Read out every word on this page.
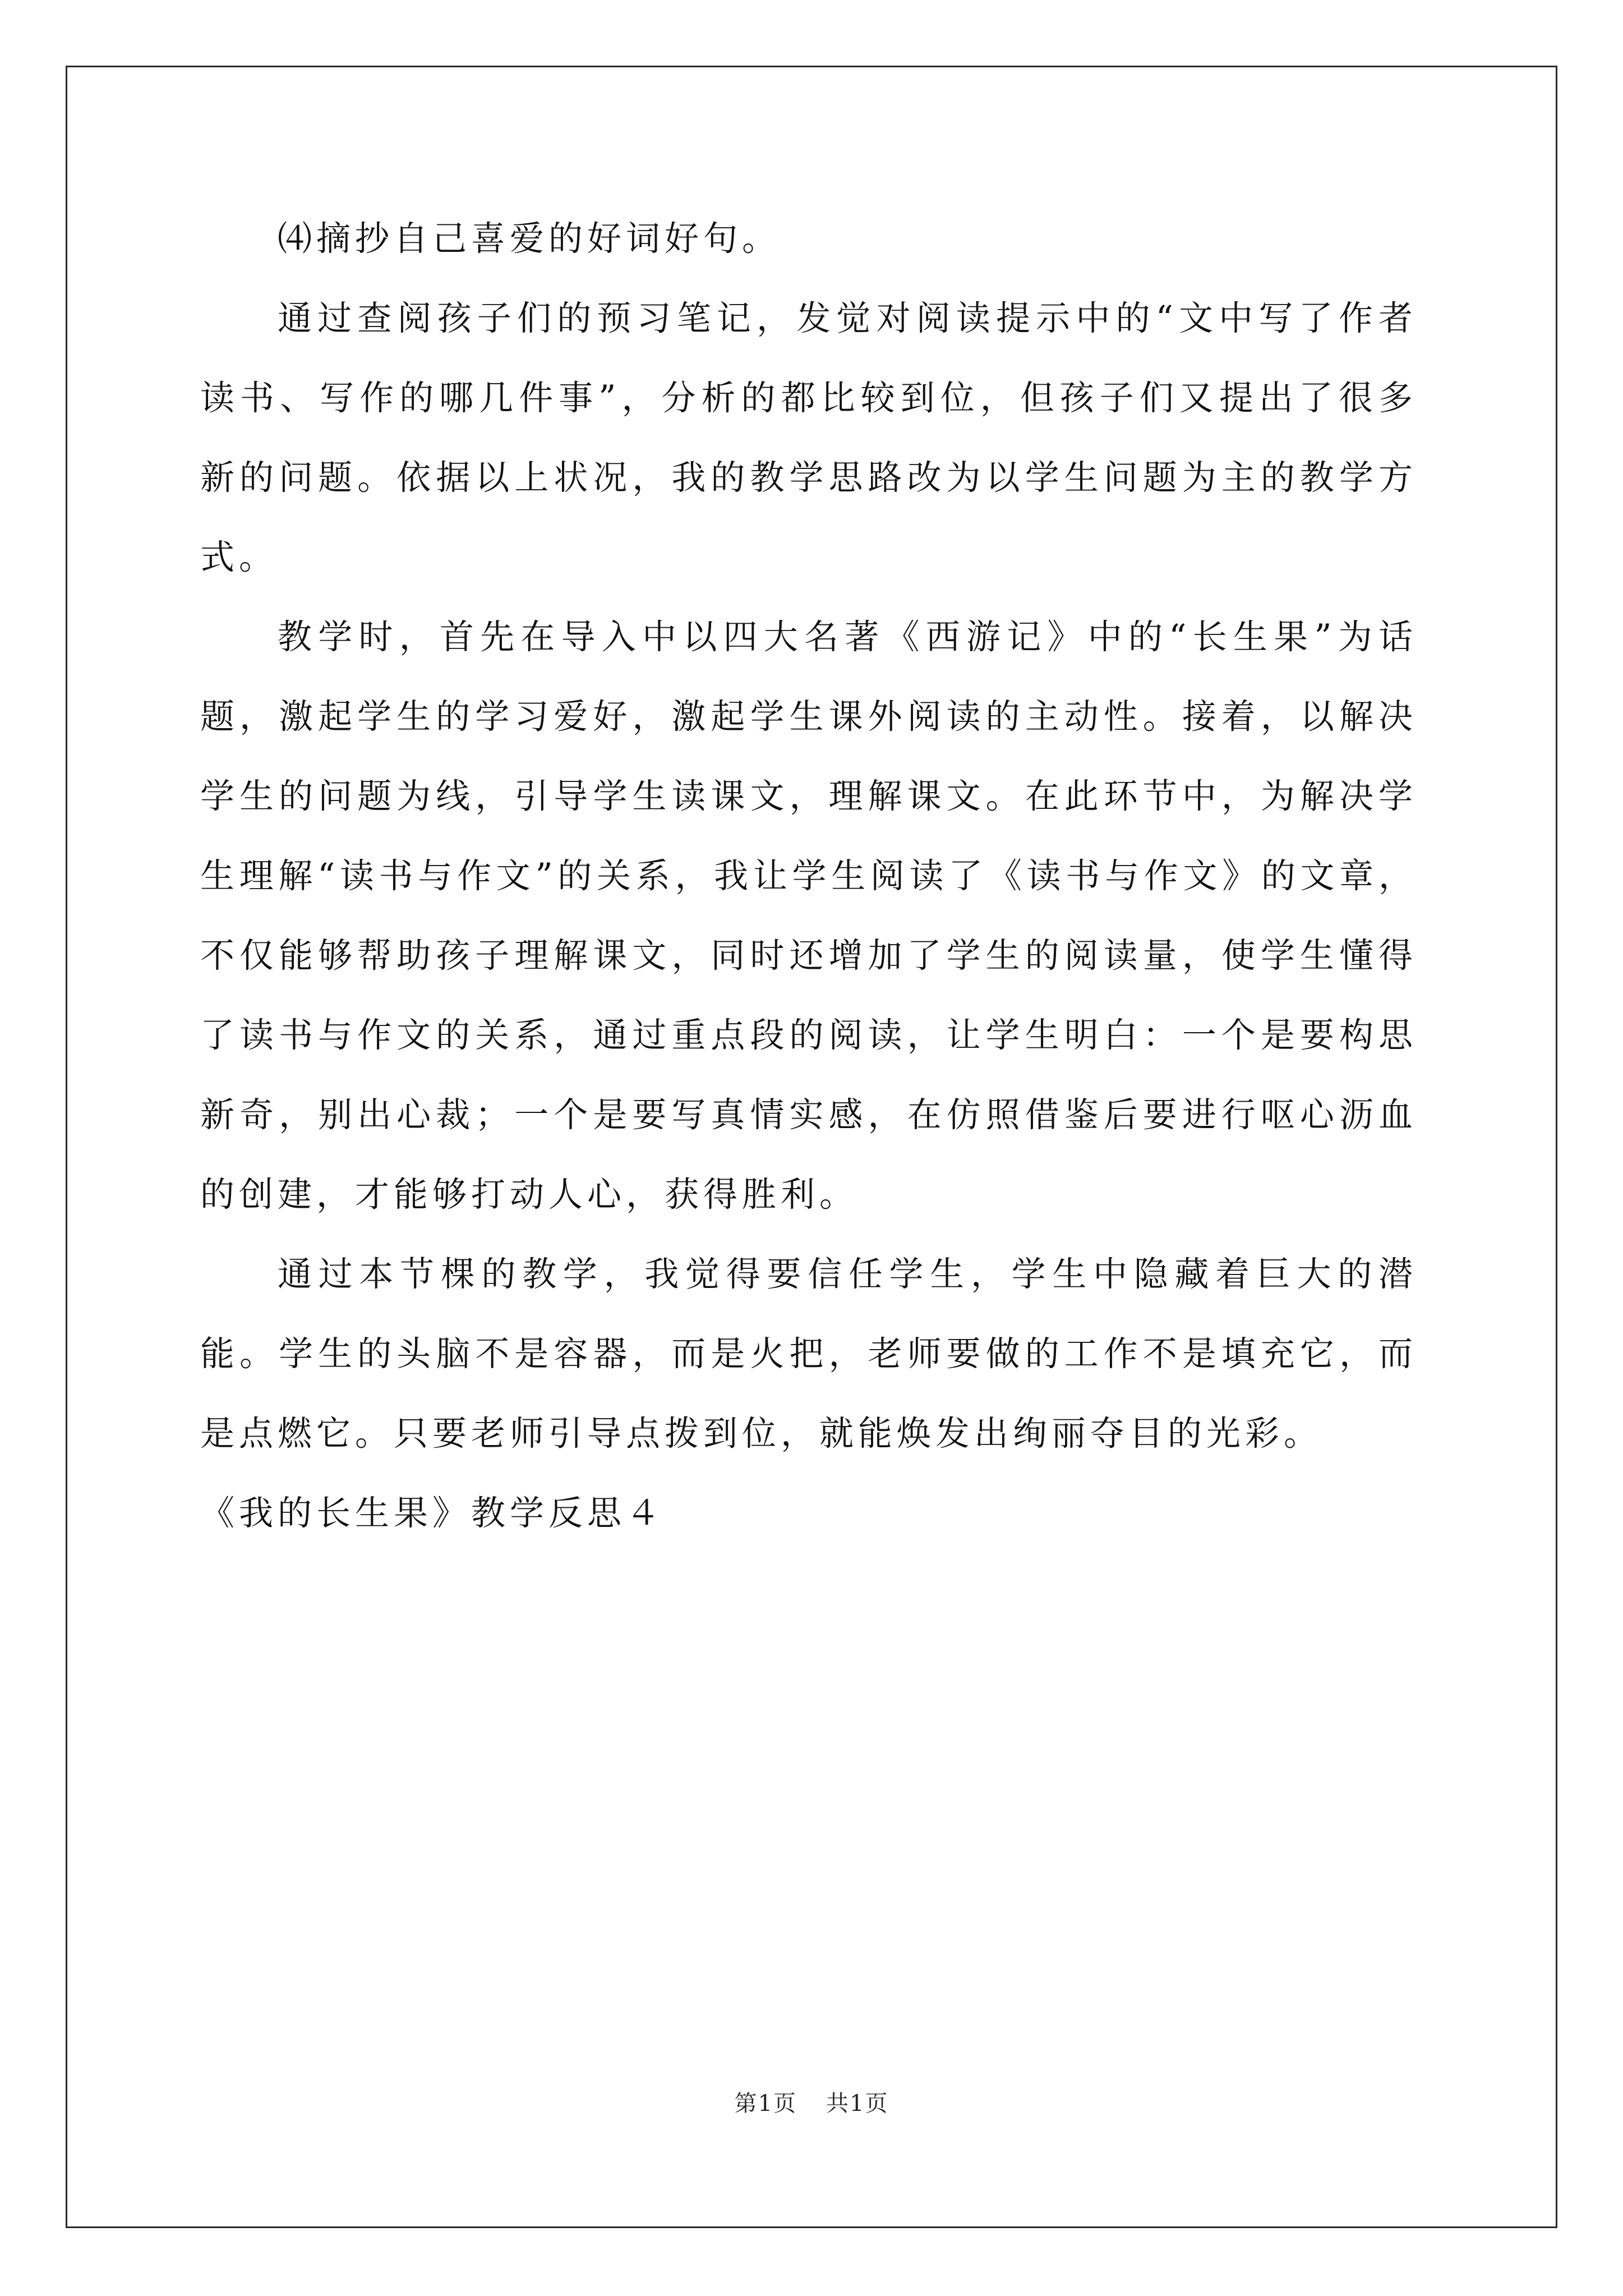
⑷摘抄自己喜爱的好词好句。

通过查阅孩子们的预习笔记，发觉对阅读提示中的“文中写了作者读书、写作的哪几件事”，分析的都比较到位，但孩子们又提出了很多新的问题。依据以上状况，我的教学思路改为以学生问题为主的教学方式。

教学时，首先在导入中以四大名著《西游记》中的“长生果”为话题，激起学生的学习爱好，激起学生课外阅读的主动性。接着，以解决学生的问题为线，引导学生读课文，理解课文。在此环节中，为解决学生理解“读书与作文”的关系，我让学生阅读了《读书与作文》的文章，不仅能够帮助孩子理解课文，同时还增加了学生的阅读量，使学生懂得了读书与作文的关系，通过重点段的阅读，让学生明白：一个是要构思新奇，别出心裁；一个是要写真情实感，在仿照借鉴后要进行呕心沥血的创建，才能够打动人心，获得胜利。

通过本节棵的教学，我觉得要信任学生，学生中隐藏着巨大的潜能。学生的头脑不是容器，而是火把，老师要做的工作不是填充它，而是点燃它。只要老师引导点拨到位，就能焕发出绚丽夺目的光彩。

《我的长生果》教学反思４

第1页 共1页
